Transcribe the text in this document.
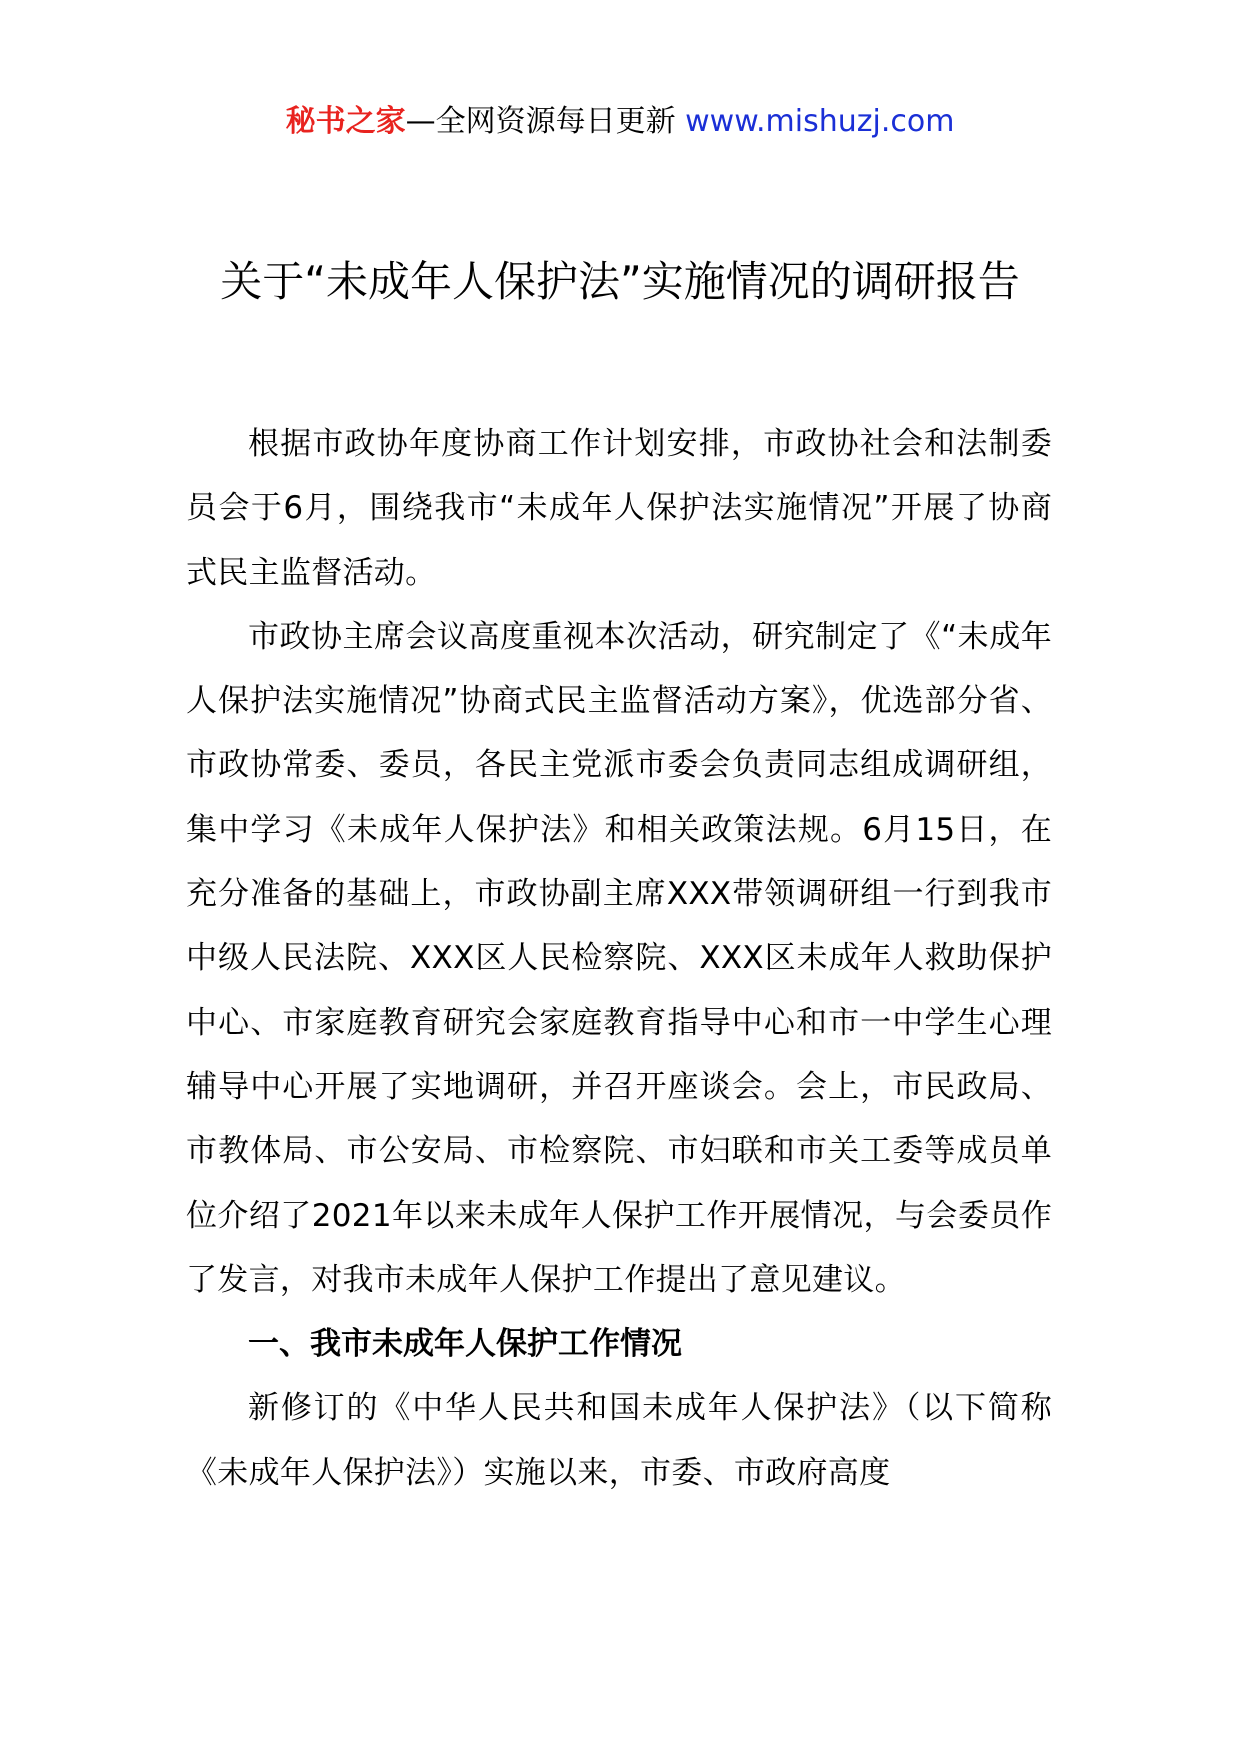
秘书之家—全网资源每日更新 www.mishuzj.com
关于“未成年人保护法”实施情况的调研报告

根据市政协年度协商工作计划安排，市政协社会和法制委员会于6月，围绕我市“未成年人保护法实施情况”开展了协商式民主监督活动。

市政协主席会议高度重视本次活动，研究制定了《“未成年人保护法实施情况”协商式民主监督活动方案》，优选部分省、市政协常委、委员，各民主党派市委会负责同志组成调研组，集中学习《未成年人保护法》和相关政策法规。6月15日，在充分准备的基础上，市政协副主席XXX带领调研组一行到我市中级人民法院、XXX区人民检察院、XXX区未成年人救助保护中心、市家庭教育研究会家庭教育指导中心和市一中学生心理辅导中心开展了实地调研，并召开座谈会。会上，市民政局、市教体局、市公安局、市检察院、市妇联和市关工委等成员单位介绍了2021年以来未成年人保护工作开展情况，与会委员作了发言，对我市未成年人保护工作提出了意见建议。

一、我市未成年人保护工作情况

新修订的《中华人民共和国未成年人保护法》（以下简称《未成年人保护法》）实施以来，市委、市政府高度
